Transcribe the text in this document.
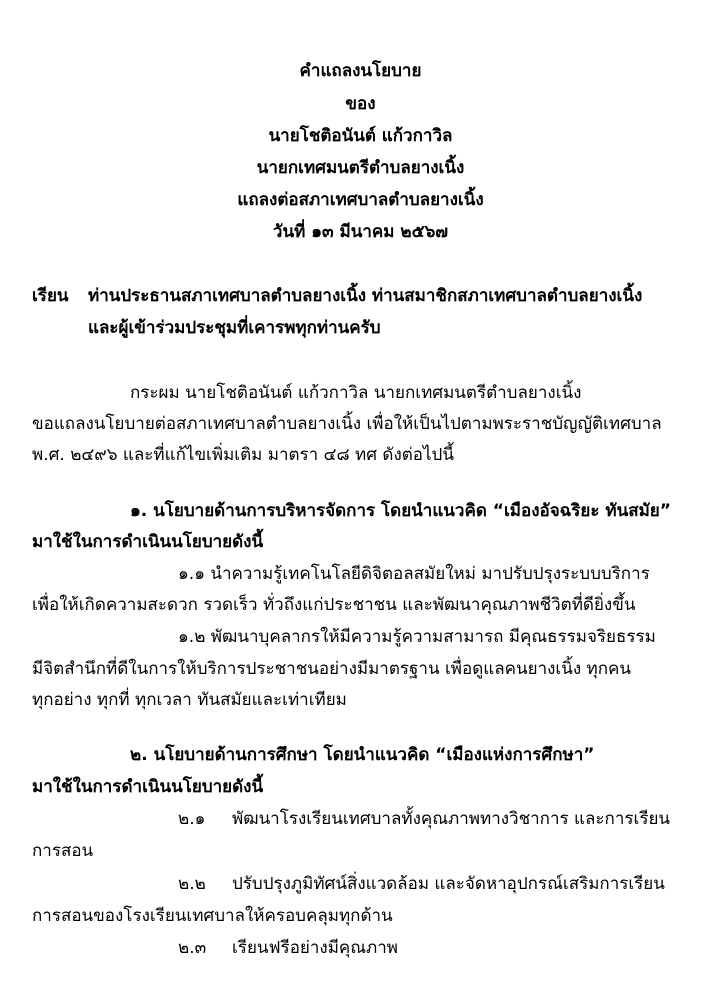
คำแถลงนโยบาย
ของ
นายโชติอนันต์ แก้วกาวิล
นายกเทศมนตรีตำบลยางเนิ้ง
แถลงต่อสภาเทศบาลตำบลยางเนิ้ง
วันที่ ๑๓ มีนาคม ๒๕๖๗
เรียน ท่านประธานสภาเทศบาลตำบลยางเนิ้ง ท่านสมาชิกสภาเทศบาลตำบลยางเนิ้ง
และผู้เข้าร่วมประชุมที่เคารพทุกท่านครับ
กระผม นายโชติอนันต์ แก้วกาวิล นายกเทศมนตรีตำบลยางเนิ้ง
ขอแถลงนโยบายต่อสภาเทศบาลตำบลยางเนิ้ง เพื่อให้เป็นไปตามพระราชบัญญัติเทศบาล
พ.ศ. ๒๔๙๖ และที่แก้ไขเพิ่มเติม มาตรา ๔๘ ทศ ดังต่อไปนี้
๑. นโยบายด้านการบริหารจัดการ โดยนำแนวคิด “เมืองอัจฉริยะ ทันสมัย”
มาใช้ในการดำเนินนโยบายดังนี้
๑.๑ นำความรู้เทคโนโลยีดิจิตอลสมัยใหม่ มาปรับปรุงระบบบริการ
เพื่อให้เกิดความสะดวก รวดเร็ว ทั่วถึงแก่ประชาชน และพัฒนาคุณภาพชีวิตที่ดียิ่งขึ้น
๑.๒ พัฒนาบุคลากรให้มีความรู้ความสามารถ มีคุณธรรมจริยธรรม
มีจิตสำนึกที่ดีในการให้บริการประชาชนอย่างมีมาตรฐาน เพื่อดูแลคนยางเนิ้ง ทุกคน
ทุกอย่าง ทุกที่ ทุกเวลา ทันสมัยและเท่าเทียม
๒. นโยบายด้านการศึกษา โดยนำแนวคิด “เมืองแห่งการศึกษา”
มาใช้ในการดำเนินนโยบายดังนี้
๒.๑ พัฒนาโรงเรียนเทศบาลทั้งคุณภาพทางวิชาการ และการเรียน
การสอน
๒.๒ ปรับปรุงภูมิทัศน์สิ่งแวดล้อม และจัดหาอุปกรณ์เสริมการเรียน
การสอนของโรงเรียนเทศบาลให้ครอบคลุมทุกด้าน
๒.๓ เรียนฟรีอย่างมีคุณภาพ
